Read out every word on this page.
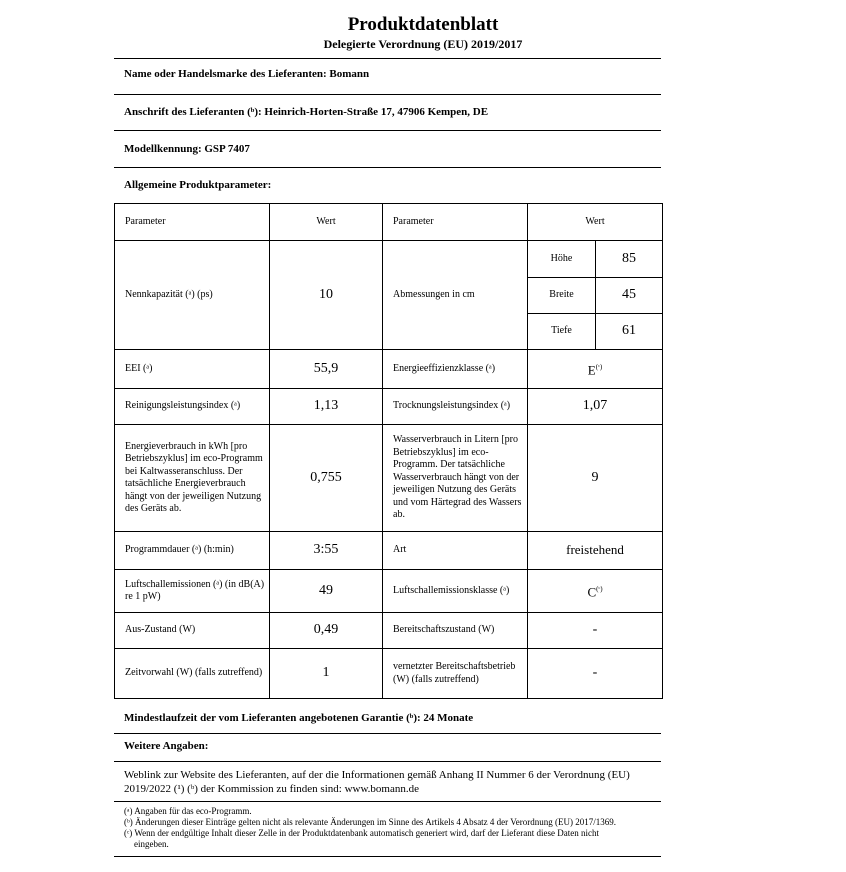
Produktdatenblatt
Delegierte Verordnung (EU) 2019/2017
Name oder Handelsmarke des Lieferanten: Bomann
Anschrift des Lieferanten (ᵇ): Heinrich-Horten-Straße 17, 47906 Kempen, DE
Modellkennung: GSP 7407
Allgemeine Produktparameter:
Parameter	Wert	Parameter	Wert	
Nennkapazität (ᵃ) (ps)	10	Abmessungen in cm	Höhe	85
			Breite	45
			Tiefe	61
EEI (ᵃ)	55,9	Energieeffizienzklasse (ᵃ)	$E^{(ᶜ)}$
Reinigungsleistungsindex (ᵃ)	1,13	Trocknungsleistungsindex (ᵃ)	1,07	
Energieverbrauch in kWh [pro Betriebszyklus] im eco-Programm bei Kaltwasseranschluss. Der tatsächliche Energieverbrauch hängt von der jeweiligen Nutzung des Geräts ab.	0,755	Wasserverbrauch in Litern [pro Betriebszyklus] im eco-Programm. Der tatsächliche Wasserverbrauch hängt von der jeweiligen Nutzung des Geräts und vom Härtegrad des Wassers ab.	9	
Programmdauer (ᵃ) (h:min)	3:55	Art	freistehend	
Luftschallemissionen (ᵃ) (in dB(A) re 1 pW)	49	Luftschallemissionsklasse (ᵃ)	$C^{(ᶜ)}$
Aus-Zustand (W)	0,49	Bereitschaftszustand (W)	-	
Zeitvorwahl (W) (falls zutreffend)	1	vernetzter Bereitschaftsbetrieb (W) (falls zutreffend)	-	
Mindestlaufzeit der vom Lieferanten angebotenen Garantie (ᵇ): 24 Monate
Weitere Angaben:
Weblink zur Website des Lieferanten, auf der die Informationen gemäß Anhang II Nummer 6 der Verordnung (EU)
2019/2022 (¹) (ᵇ) der Kommission zu finden sind: www.bomann.de
(ᵃ) Angaben für das eco-Programm.
(ᵇ) Änderungen dieser Einträge gelten nicht als relevante Änderungen im Sinne des Artikels 4 Absatz 4 der Verordnung (EU) 2017/1369.
(ᶜ) Wenn der endgültige Inhalt dieser Zelle in der Produktdatenbank automatisch generiert wird, darf der Lieferant diese Daten nicht
eingeben.
